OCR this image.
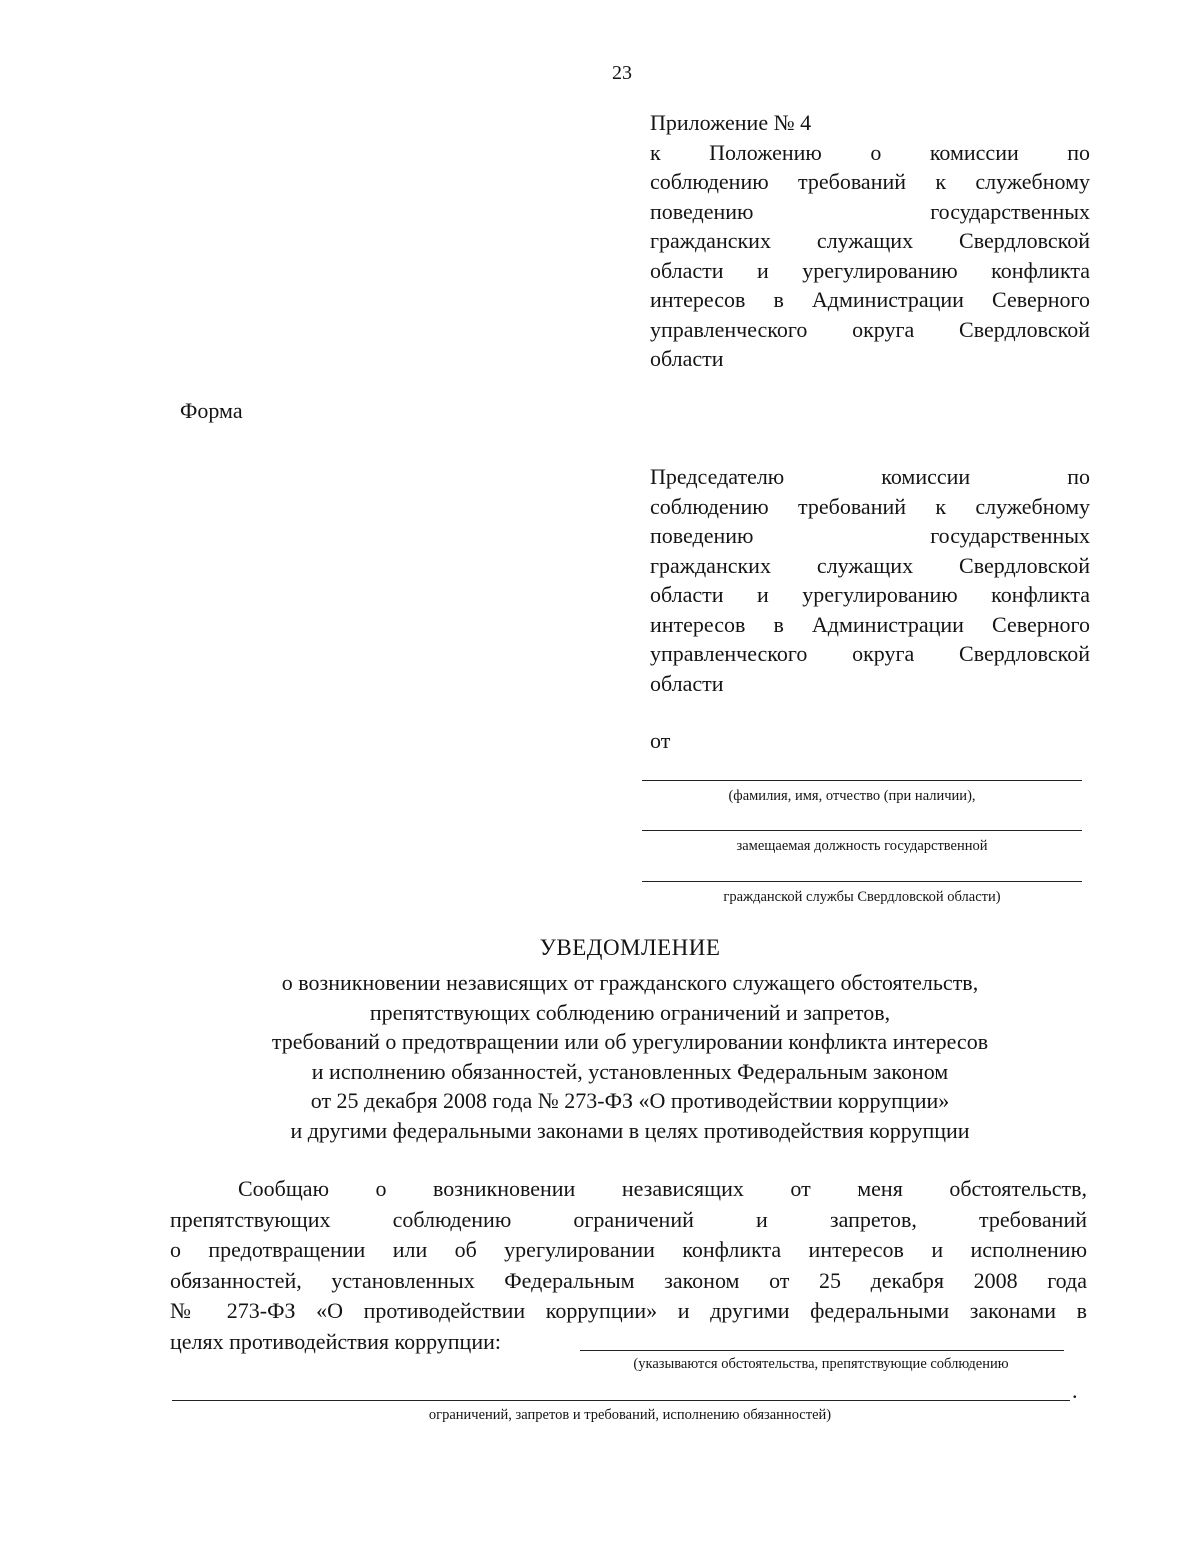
23
Приложение № 4
к Положению о комиссии по
соблюдению требований к служебному
поведению государственных
гражданских служащих Свердловской
области и урегулированию конфликта
интересов в Администрации Северного
управленческого округа Свердловской
области
Форма
Председателю комиссии по
соблюдению требований к служебному
поведению государственных
гражданских служащих Свердловской
области и урегулированию конфликта
интересов в Администрации Северного
управленческого округа Свердловской
области
от
(фамилия, имя, отчество (при наличии),
замещаемая должность государственной
гражданской службы Свердловской области)
УВЕДОМЛЕНИЕ
о возникновении независящих от гражданского служащего обстоятельств,
препятствующих соблюдению ограничений и запретов,
требований о предотвращении или об урегулировании конфликта интересов
и исполнению обязанностей, установленных Федеральным законом
от 25 декабря 2008 года № 273-ФЗ «О противодействии коррупции»
и другими федеральными законами в целях противодействия коррупции
Сообщаю о возникновении независящих от меня обстоятельств,
препятствующих соблюдению ограничений и запретов, требований
о предотвращении или об урегулировании конфликта интересов и исполнению
обязанностей, установленных Федеральным законом от 25 декабря 2008 года
№ 273-ФЗ «О противодействии коррупции» и другими федеральными законами в
целях противодействия коррупции:
(указываются обстоятельства, препятствующие соблюдению
.
ограничений, запретов и требований, исполнению обязанностей)
